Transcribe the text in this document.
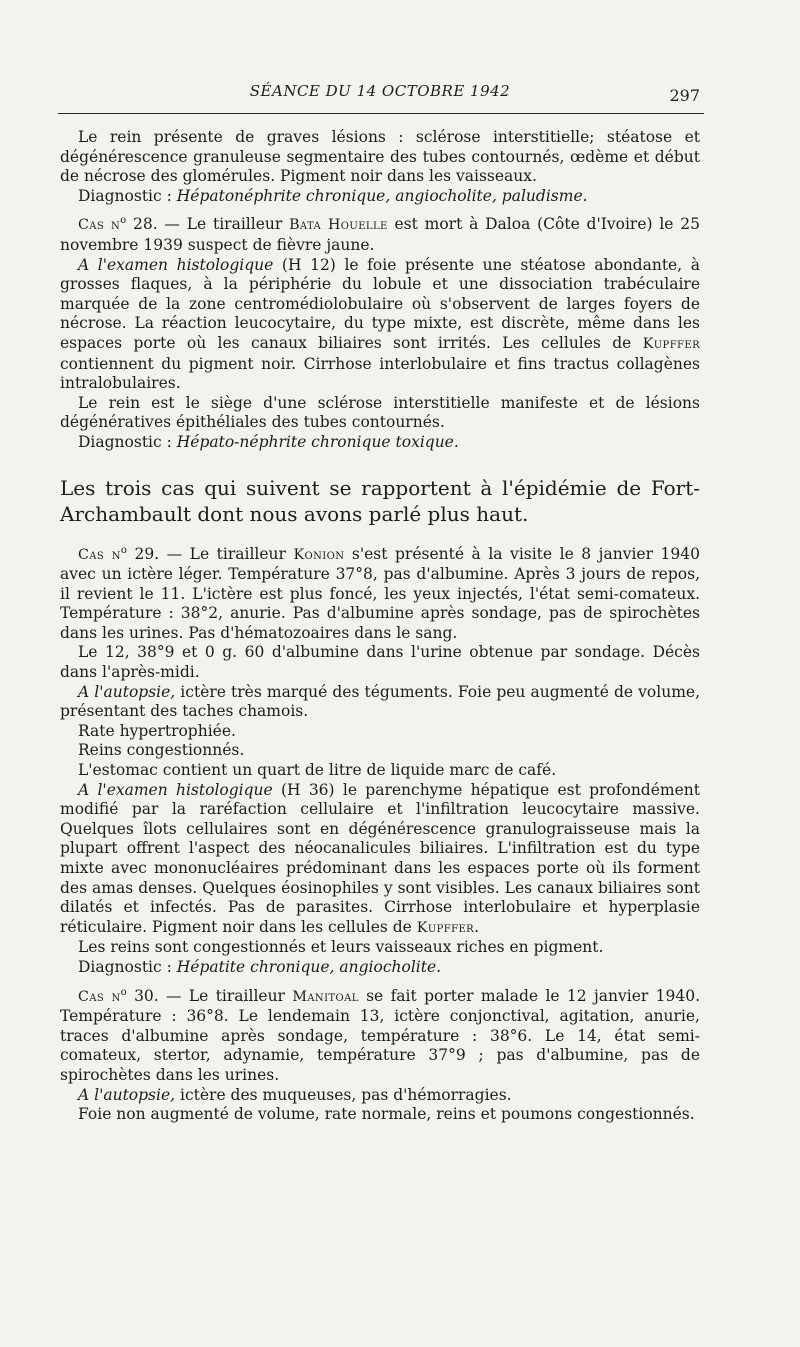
SÉANCE DU 14 OCTOBRE 1942	297

Le rein présente de graves lésions : sclérose interstitielle; stéatose et dégénérescence granuleuse segmentaire des tubes contournés, œdème et début de nécrose des glomérules. Pigment noir dans les vaisseaux.

Diagnostic : Hépatonéphrite chronique, angiocholite, paludisme.

Cas $n^o$ 28. — Le tirailleur Bata Houelle est mort à Daloa (Côte d'Ivoire) le 25 novembre 1939 suspect de fièvre jaune.

A l'examen histologique (H 12) le foie présente une stéatose abondante, à grosses flaques, à la périphérie du lobule et une dissociation trabéculaire marquée de la zone centromédiolobulaire où s'observent de larges foyers de nécrose. La réaction leucocytaire, du type mixte, est discrète, même dans les espaces porte où les canaux biliaires sont irrités. Les cellules de Kupffer contiennent du pigment noir. Cirrhose interlobulaire et fins tractus collagènes intralobulaires.

Le rein est le siège d'une sclérose interstitielle manifeste et de lésions dégénératives épithéliales des tubes contournés.

Diagnostic : Hépato-néphrite chronique toxique.

Les trois cas qui suivent se rapportent à l'épidémie de Fort-Archambault dont nous avons parlé plus haut.

Cas $n^o$ 29. — Le tirailleur Konion s'est présenté à la visite le 8 janvier 1940 avec un ictère léger. Température 37°8, pas d'albumine. Après 3 jours de repos, il revient le 11. L'ictère est plus foncé, les yeux injectés, l'état semi-comateux. Température : 38°2, anurie. Pas d'albumine après sondage, pas de spirochètes dans les urines. Pas d'hématozoaires dans le sang.

Le 12, 38°9 et 0 g. 60 d'albumine dans l'urine obtenue par sondage. Décès dans l'après-midi.

A l'autopsie, ictère très marqué des téguments. Foie peu augmenté de volume, présentant des taches chamois.

Rate hypertrophiée.

Reins congestionnés.

L'estomac contient un quart de litre de liquide marc de café.

A l'examen histologique (H 36) le parenchyme hépatique est profondément modifié par la raréfaction cellulaire et l'infiltration leucocytaire massive. Quelques îlots cellulaires sont en dégénérescence granulograisseuse mais la plupart offrent l'aspect des néocanalicules biliaires. L'infiltration est du type mixte avec mononucléaires prédominant dans les espaces porte où ils forment des amas denses. Quelques éosinophiles y sont visibles. Les canaux biliaires sont dilatés et infectés. Pas de parasites. Cirrhose interlobulaire et hyperplasie réticulaire. Pigment noir dans les cellules de Kupffer.

Les reins sont congestionnés et leurs vaisseaux riches en pigment.

Diagnostic : Hépatite chronique, angiocholite.

Cas $n^o$ 30. — Le tirailleur Manitoal se fait porter malade le 12 janvier 1940. Température : 36°8. Le lendemain 13, ictère conjonctival, agitation, anurie, traces d'albumine après sondage, température : 38°6. Le 14, état semi-comateux, stertor, adynamie, température 37°9 ; pas d'albumine, pas de spirochètes dans les urines.

A l'autopsie, ictère des muqueuses, pas d'hémorragies.

Foie non augmenté de volume, rate normale, reins et poumons congestionnés.
